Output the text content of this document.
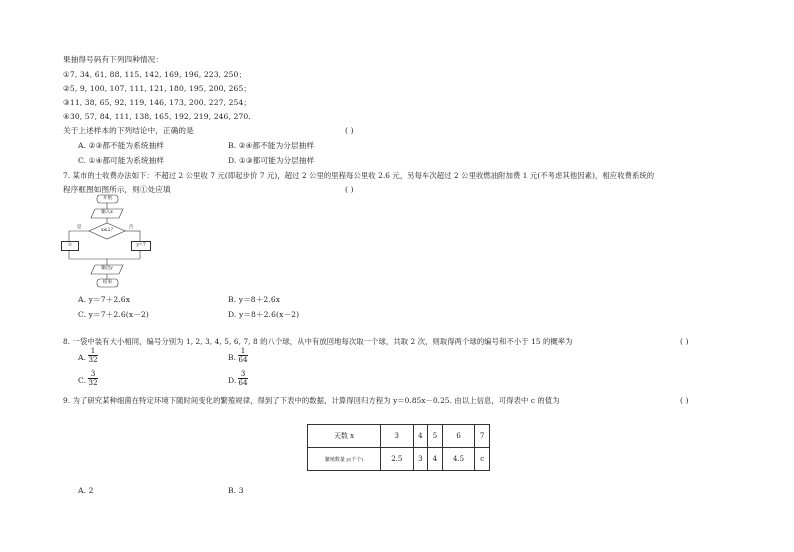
果抽得号码有下列四种情况：
①7, 34, 61, 88, 115, 142, 169, 196, 223, 250；
②5, 9, 100, 107, 111, 121, 180, 195, 200, 265；
③11, 38, 65, 92, 119, 146, 173, 200, 227, 254；
④30, 57, 84, 111, 138, 165, 192, 219, 246, 270.
关于上述样本的下列结论中，正确的是	( )
A. ②③都不能为系统抽样	B. ②④都不能为分层抽样
C. ①④都可能为系统抽样	D. ①③都可能为分层抽样
7. 某市的士收费办法如下：不超过 2 公里收 7 元(即起步价 7 元)，超过 2 公里的里程每公里收 2.6 元，另每车次超过 2 公里收燃油附加费 1 元(不考虑其他因素)，相应收费系统的
程序框图如图所示，则①处应填	( )
开始
输入x
x≤2?
是	否
①	y=7
输出y
结束
A. y＝7＋2.6x	B. y＝8＋2.6x
C. y＝7＋2.6(x－2)	D. y＝8＋2.6(x－2)
8. 一袋中装有大小相同，编号分别为 1, 2, 3, 4, 5, 6, 7, 8 的八个球，从中有放回地每次取一个球，共取 2 次，则取得两个球的编号和不小于 15 的概率为	( )
A.
1
32	B.
1
64
C.
3
32	D.
3
64
9. 为了研究某种细菌在特定环境下随时间变化的繁殖规律，得到了下表中的数据，计算得回归方程为 y＝0.85x－0.25. 由以上信息，可得表中 c 的值为	( )
天数 x	3	4	5	6	7
繁殖数量 y(千个)	2.5	3	4	4.5	c
A. 2	B. 3
